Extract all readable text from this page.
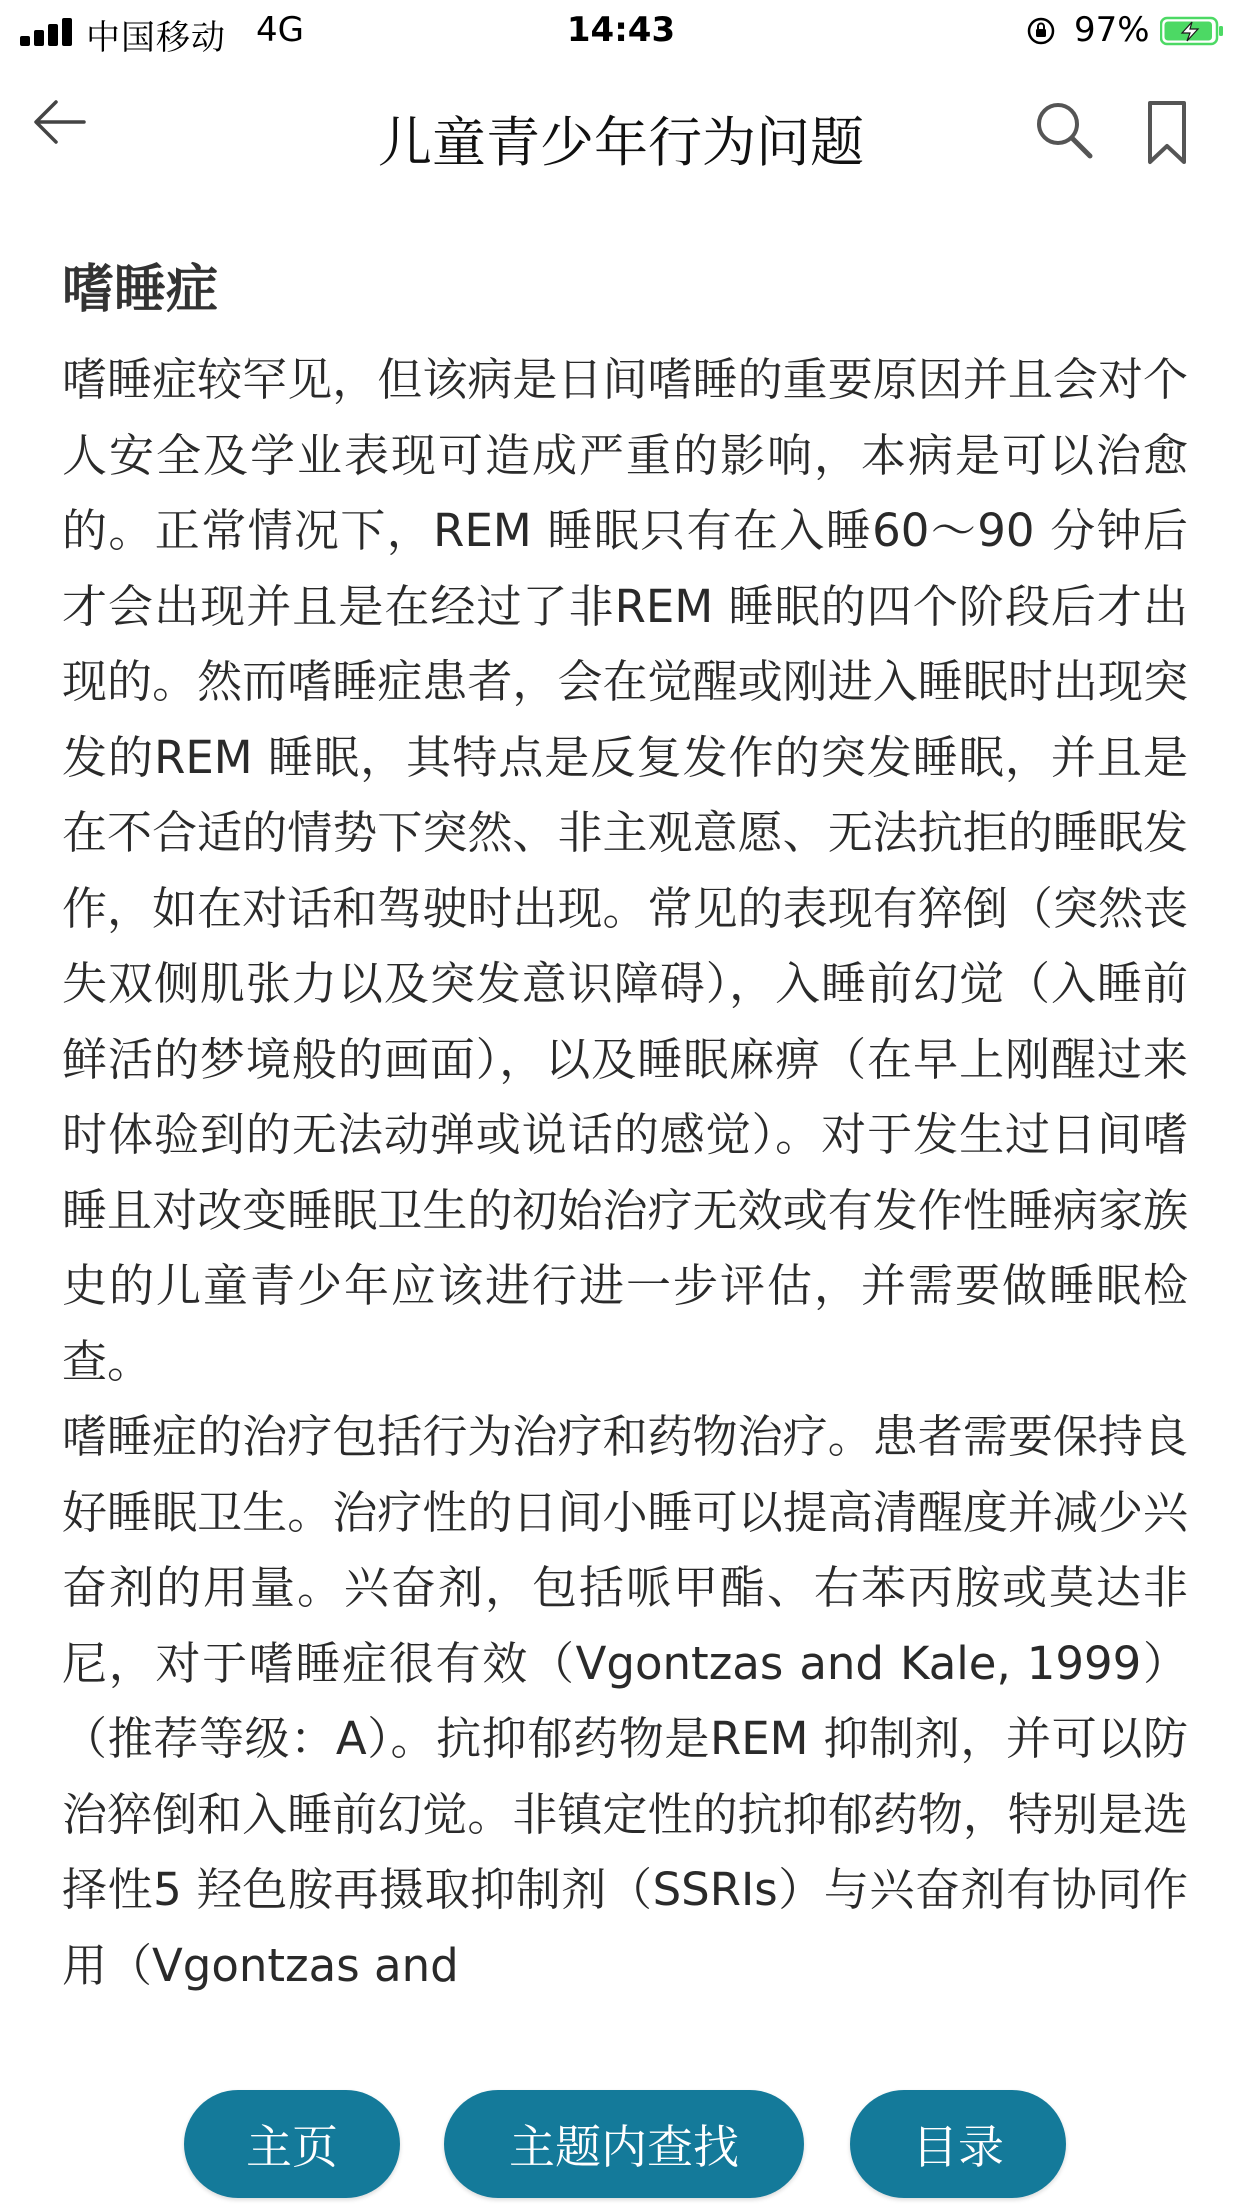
中国移动 4G	14:43	97%
儿童青少年行为问题
嗜睡症

嗜睡症较罕见，但该病是日间嗜睡的重要原因并且会对个人安全及学业表现可造成严重的影响，本病是可以治愈的。正常情况下，REM 睡眠只有在入睡60～90 分钟后才会出现并且是在经过了非REM 睡眠的四个阶段后才出现的。然而嗜睡症患者，会在觉醒或刚进入睡眠时出现突发的REM 睡眠，其特点是反复发作的突发睡眠，并且是在不合适的情势下突然、非主观意愿、无法抗拒的睡眠发作，如在对话和驾驶时出现。常见的表现有猝倒（突然丧失双侧肌张力以及突发意识障碍），入睡前幻觉（入睡前鲜活的梦境般的画面），以及睡眠麻痹（在早上刚醒过来时体验到的无法动弹或说话的感觉）。对于发生过日间嗜睡且对改变睡眠卫生的初始治疗无效或有发作性睡病家族史的儿童青少年应该进行进一步评估，并需要做睡眠检查。

嗜睡症的治疗包括行为治疗和药物治疗。患者需要保持良好睡眠卫生。治疗性的日间小睡可以提高清醒度并减少兴奋剂的用量。兴奋剂，包括哌甲酯、右苯丙胺或莫达非尼，对于嗜睡症很有效（Vgontzas and Kale, 1999）（推荐等级：A）。抗抑郁药物是REM 抑制剂，并可以防治猝倒和入睡前幻觉。非镇定性的抗抑郁药物，特别是选择性5 羟色胺再摄取抑制剂（SSRIs）与兴奋剂有协同作用（Vgontzas and

主页	主题内查找	目录
